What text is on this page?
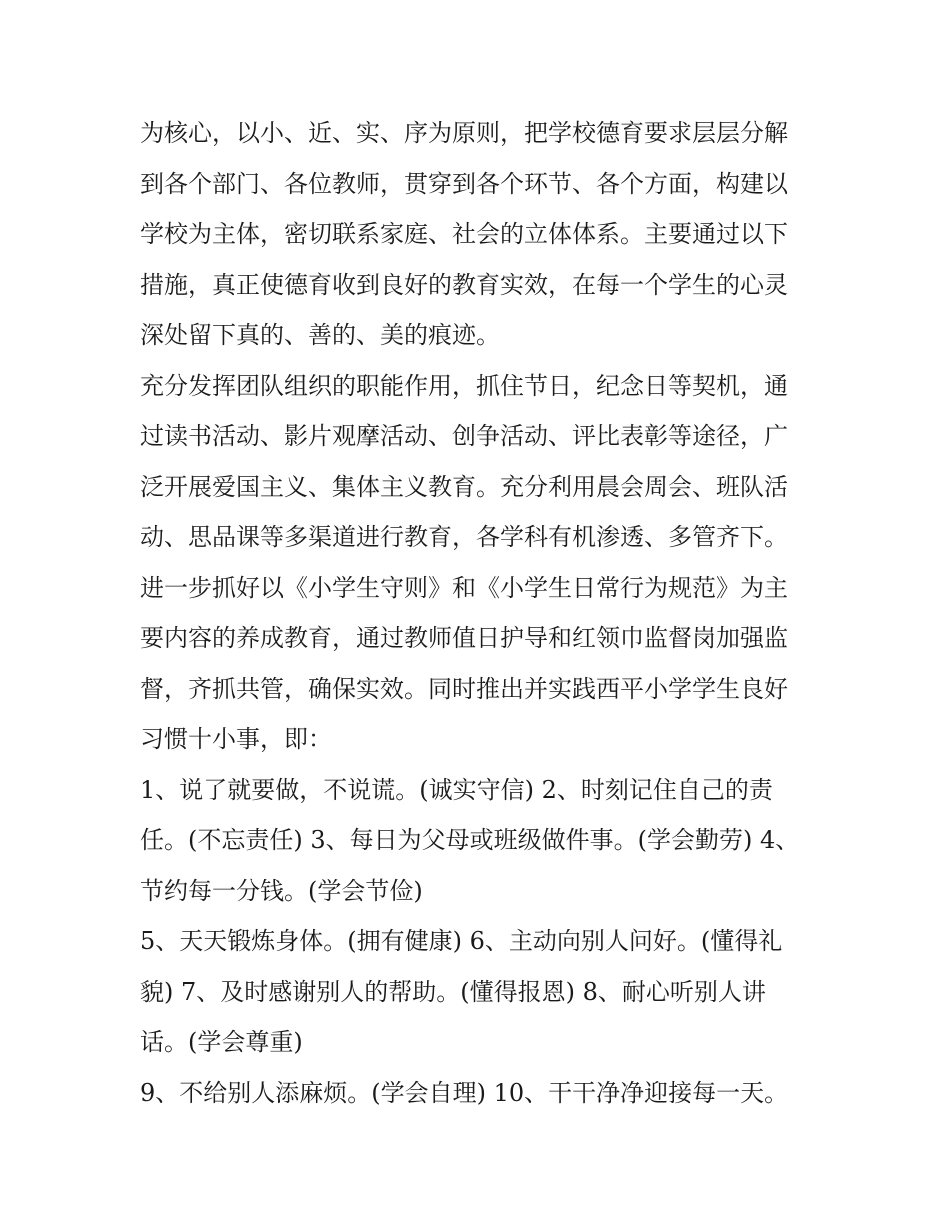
为核心，以小、近、实、序为原则，把学校德育要求层层分解
到各个部门、各位教师，贯穿到各个环节、各个方面，构建以
学校为主体，密切联系家庭、社会的立体体系。主要通过以下
措施，真正使德育收到良好的教育实效，在每一个学生的心灵
深处留下真的、善的、美的痕迹。

充分发挥团队组织的职能作用，抓住节日，纪念日等契机，通
过读书活动、影片观摩活动、创争活动、评比表彰等途径，广
泛开展爱国主义、集体主义教育。充分利用晨会周会、班队活
动、思品课等多渠道进行教育，各学科有机渗透、多管齐下。

进一步抓好以《小学生守则》和《小学生日常行为规范》为主
要内容的养成教育，通过教师值日护导和红领巾监督岗加强监
督，齐抓共管，确保实效。同时推出并实践西平小学学生良好
习惯十小事，即：

1、说了就要做，不说谎。(诚实守信) 2、时刻记住自己的责
任。(不忘责任) 3、每日为父母或班级做件事。(学会勤劳) 4、
节约每一分钱。(学会节俭)

5、天天锻炼身体。(拥有健康) 6、主动向别人问好。(懂得礼
貌) 7、及时感谢别人的帮助。(懂得报恩) 8、耐心听别人讲
话。(学会尊重)

9、不给别人添麻烦。(学会自理) 10、干干净净迎接每一天。
